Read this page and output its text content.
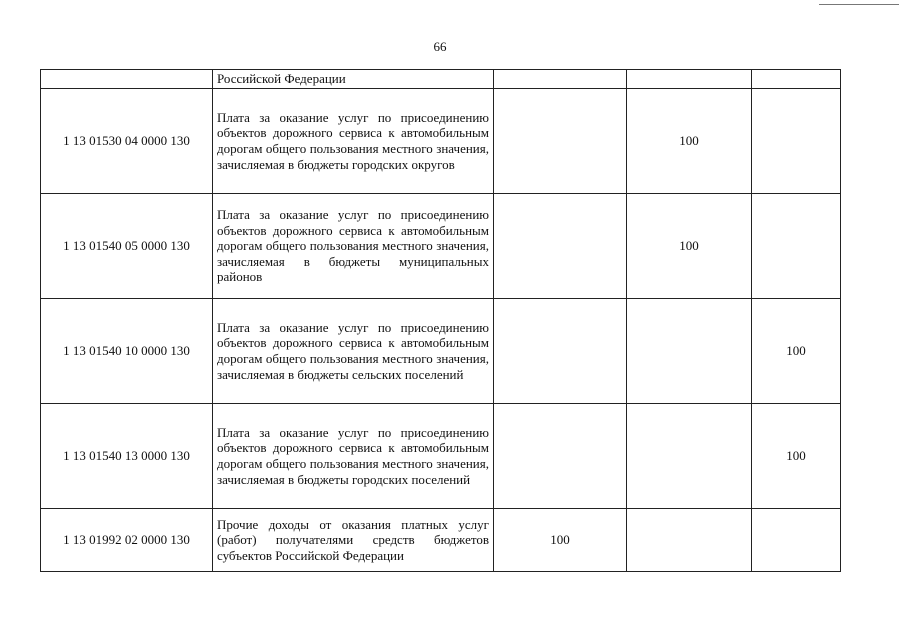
66
	Российской Федерации			
1 13 01530 04 0000 130	Плата за оказание услуг по присоединению объектов дорожного сервиса к автомобильным дорогам общего пользования местного значения, зачисляемая в бюджеты городских округов		100	
1 13 01540 05 0000 130	Плата за оказание услуг по присоединению объектов дорожного сервиса к автомобильным дорогам общего пользования местного значения, зачисляемая в бюджеты муниципальных районов		100	
1 13 01540 10 0000 130	Плата за оказание услуг по присоединению объектов дорожного сервиса к автомобильным дорогам общего пользования местного значения, зачисляемая в бюджеты сельских поселений			100
1 13 01540 13 0000 130	Плата за оказание услуг по присоединению объектов дорожного сервиса к автомобильным дорогам общего пользования местного значения, зачисляемая в бюджеты городских поселений			100
1 13 01992 02 0000 130	Прочие доходы от оказания платных услуг (работ) получателями средств бюджетов субъектов Российской Федерации	100		
